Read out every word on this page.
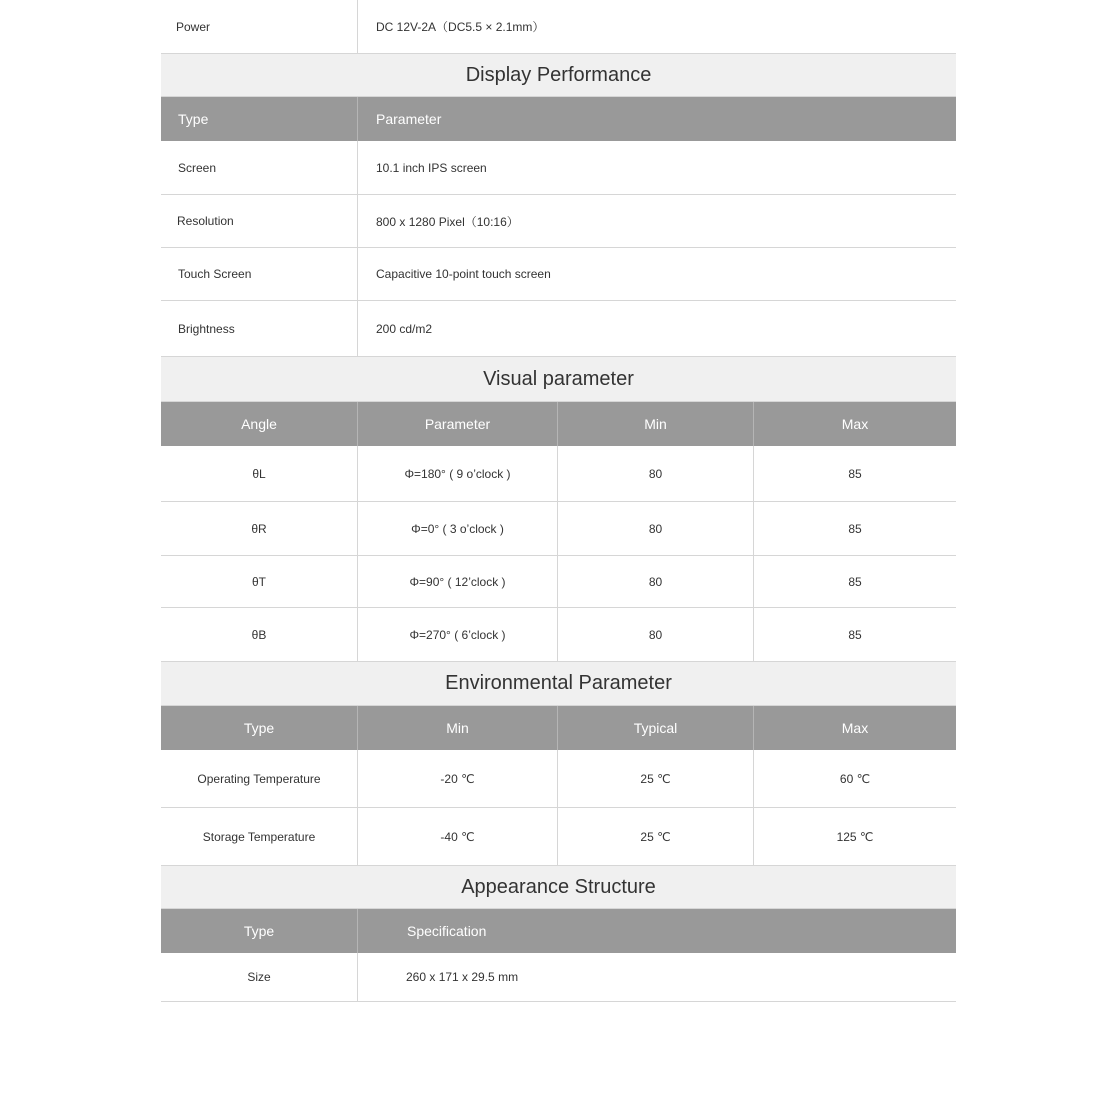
Power	DC 12V-2A（DC5.5 × 2.1mm）
Display Performance
Type	Parameter
Screen	10.1 inch IPS screen
Resolution	800 x 1280 Pixel（10:16）
Touch Screen	Capacitive 10-point touch screen
Brightness	200 cd/m2
Visual parameter
Angle	Parameter	Min	Max
θL	Φ=180° ( 9 o’clock )	80	85
θR	Φ=0° ( 3 o’clock )	80	85
θT	Φ=90° ( 12’clock )	80	85
θB	Φ=270° ( 6’clock )	80	85
Environmental Parameter
Type	Min	Typical	Max
Operating Temperature	-20 ℃	25 ℃	60 ℃
Storage Temperature	-40 ℃	25 ℃	125 ℃
Appearance Structure
Type	Specification
Size	260 x 171 x 29.5 mm
